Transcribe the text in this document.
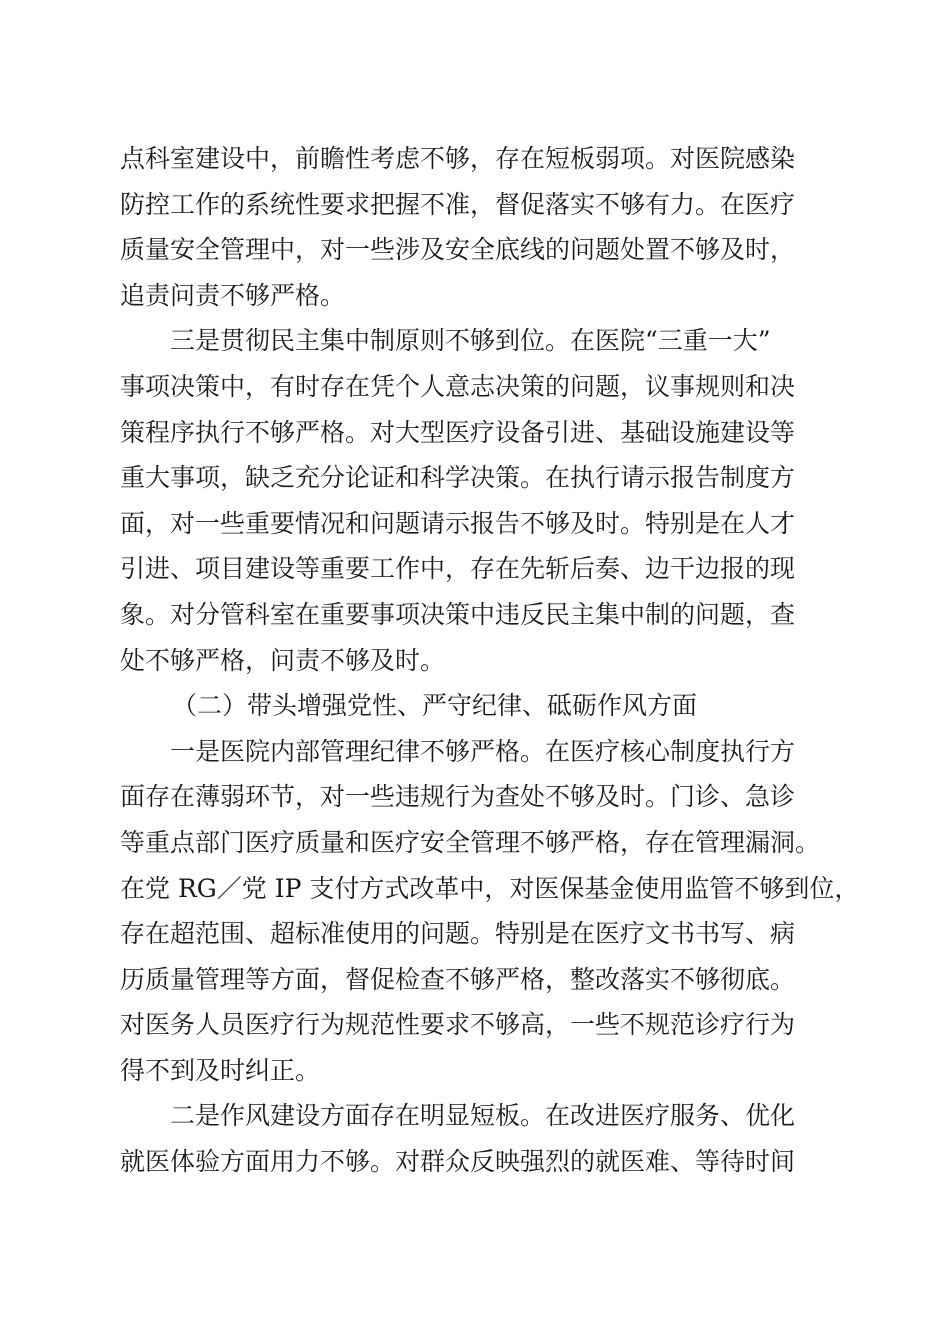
点科室建设中，前瞻性考虑不够，存在短板弱项。对医院感染
防控工作的系统性要求把握不准，督促落实不够有力。在医疗
质量安全管理中，对一些涉及安全底线的问题处置不够及时，
追责问责不够严格。
三是贯彻民主集中制原则不够到位。在医院“三重一大”
事项决策中，有时存在凭个人意志决策的问题，议事规则和决
策程序执行不够严格。对大型医疗设备引进、基础设施建设等
重大事项，缺乏充分论证和科学决策。在执行请示报告制度方
面，对一些重要情况和问题请示报告不够及时。特别是在人才
引进、项目建设等重要工作中，存在先斩后奏、边干边报的现
象。对分管科室在重要事项决策中违反民主集中制的问题，查
处不够严格，问责不够及时。
（二）带头增强党性、严守纪律、砥砺作风方面
一是医院内部管理纪律不够严格。在医疗核心制度执行方
面存在薄弱环节，对一些违规行为查处不够及时。门诊、急诊
等重点部门医疗质量和医疗安全管理不够严格，存在管理漏洞。
在党 RG／党 IP 支付方式改革中，对医保基金使用监管不够到位，
存在超范围、超标准使用的问题。特别是在医疗文书书写、病
历质量管理等方面，督促检查不够严格，整改落实不够彻底。
对医务人员医疗行为规范性要求不够高，一些不规范诊疗行为
得不到及时纠正。
二是作风建设方面存在明显短板。在改进医疗服务、优化
就医体验方面用力不够。对群众反映强烈的就医难、等待时间
